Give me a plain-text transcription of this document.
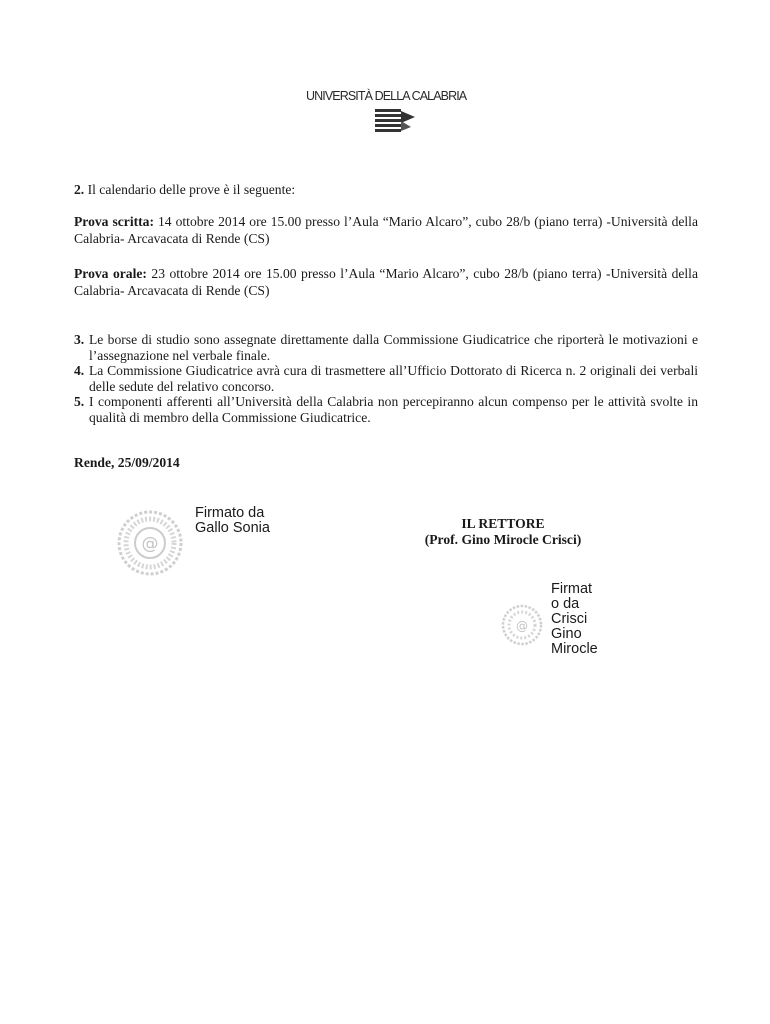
UNIVERSITÀ DELLA CALABRIA
2. Il calendario delle prove è il seguente:
Prova scritta: 14 ottobre 2014 ore 15.00 presso l’Aula “Mario Alcaro”, cubo 28/b (piano terra) -Università della Calabria- Arcavacata di Rende (CS)
Prova orale: 23 ottobre 2014 ore 15.00 presso l’Aula “Mario Alcaro”, cubo 28/b (piano terra) -Università della Calabria- Arcavacata di Rende (CS)

3. Le borse di studio sono assegnate direttamente dalla Commissione Giudicatrice che riporterà le motivazioni e l’assegnazione nel verbale finale.

4. La Commissione Giudicatrice avrà cura di trasmettere all’Ufficio Dottorato di Ricerca n. 2 originali dei verbali delle sedute del relativo concorso.

5. I componenti afferenti all’Università della Calabria non percepiranno alcun compenso per le attività svolte in qualità di membro della Commissione Giudicatrice.

Rende, 25/09/2014
@
Firmato da
Gallo Sonia	IL RETTORE
(Prof. Gino Mirocle Crisci)
@
Firmat
o da
Crisci
Gino
Mirocle
